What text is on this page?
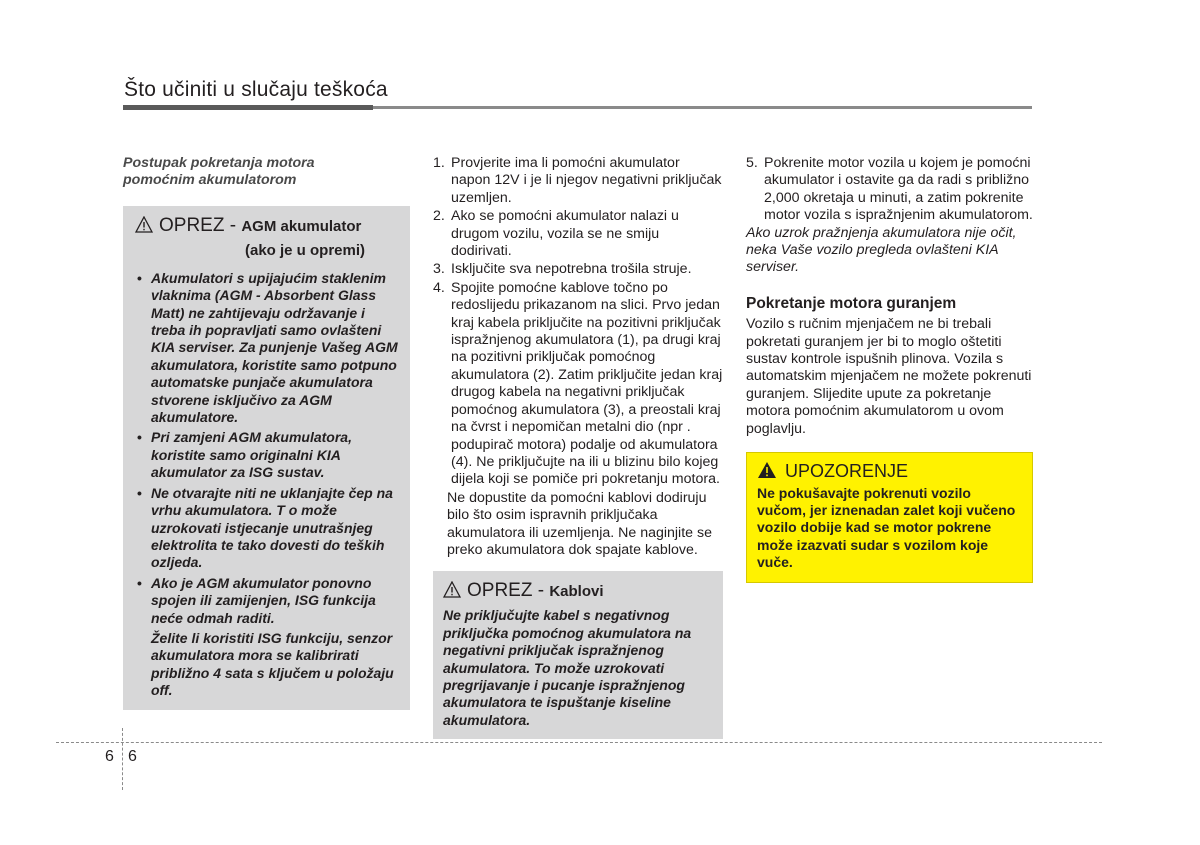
Što učiniti u slučaju teškoća

Postupak pokretanja motora
pomoćnim akumulatorom

OPREZ - AGM akumulator
(ako je u opremi)
• Akumulatori s upijajućim staklenim vlaknima (AGM - Absorbent Glass Matt) ne zahtijevaju održavanje i treba ih popravljati samo ovlašteni KIA serviser. Za punjenje Vašeg AGM akumulatora, koristite samo potpuno automatske punjače akumulatora stvorene isključivo za AGM akumulatore.
• Pri zamjeni AGM akumulatora, koristite samo originalni KIA akumulator za ISG sustav.
• Ne otvarajte niti ne uklanjajte čep na vrhu akumulatora. T o može uzrokovati istjecanje unutrašnjeg elektrolita te tako dovesti do teških ozljeda.
• Ako je AGM akumulator ponovno spojen ili zamijenjen, ISG funkcija neće odmah raditi.
Želite li koristiti ISG funkciju, senzor akumulatora mora se kalibrirati približno 4 sata s ključem u položaju off.
1. Provjerite ima li pomoćni akumulator napon 12V i je li njegov negativni priključak uzemljen.
2. Ako se pomoćni akumulator nalazi u drugom vozilu, vozila se ne smiju dodirivati.
3. Isključite sva nepotrebna trošila struje.
4. Spojite pomoćne kablove točno po redoslijedu prikazanom na slici. Prvo jedan kraj kabela priključite na pozitivni priključak ispražnjenog akumulatora (1), pa drugi kraj na pozitivni priključak pomoćnog akumulatora (2). Zatim priključite jedan kraj drugog kabela na negativni priključak pomoćnog akumulatora (3), a preostali kraj na čvrst i nepomičan metalni dio (npr . podupirač motora) podalje od akumulatora (4). Ne priključujte na ili u blizinu bilo kojeg dijela koji se pomiče pri pokretanju motora.

Ne dopustite da pomoćni kablovi dodiruju bilo što osim ispravnih priključaka akumulatora ili uzemljenja. Ne naginjite se preko akumulatora dok spajate kablove.

OPREZ - Kablovi
Ne priključujte kabel s negativnog priključka pomoćnog akumulatora na negativni priključak ispražnjenog akumulatora. To može uzrokovati pregrijavanje i pucanje ispražnjenog akumulatora te ispuštanje kiseline akumulatora.
5. Pokrenite motor vozila u kojem je pomoćni akumulator i ostavite ga da radi s približno 2,000 okretaja u minuti, a zatim pokrenite motor vozila s ispražnjenim akumulatorom.

Ako uzrok pražnjenja akumulatora nije očit, neka Vaše vozilo pregleda ovlašteni KIA serviser.

Pokretanje motora guranjem

Vozilo s ručnim mjenjačem ne bi trebali pokretati guranjem jer bi to moglo oštetiti sustav kontrole ispušnih plinova. Vozila s automatskim mjenjačem ne možete pokrenuti guranjem. Slijedite upute za pokretanje motora pomoćnim akumulatorom u ovom poglavlju.

UPOZORENJE
Ne pokušavajte pokrenuti vozilo vučom, jer iznenadan zalet koji vučeno vozilo dobije kad se motor pokrene može izazvati sudar s vozilom koje vuče.
6 6
